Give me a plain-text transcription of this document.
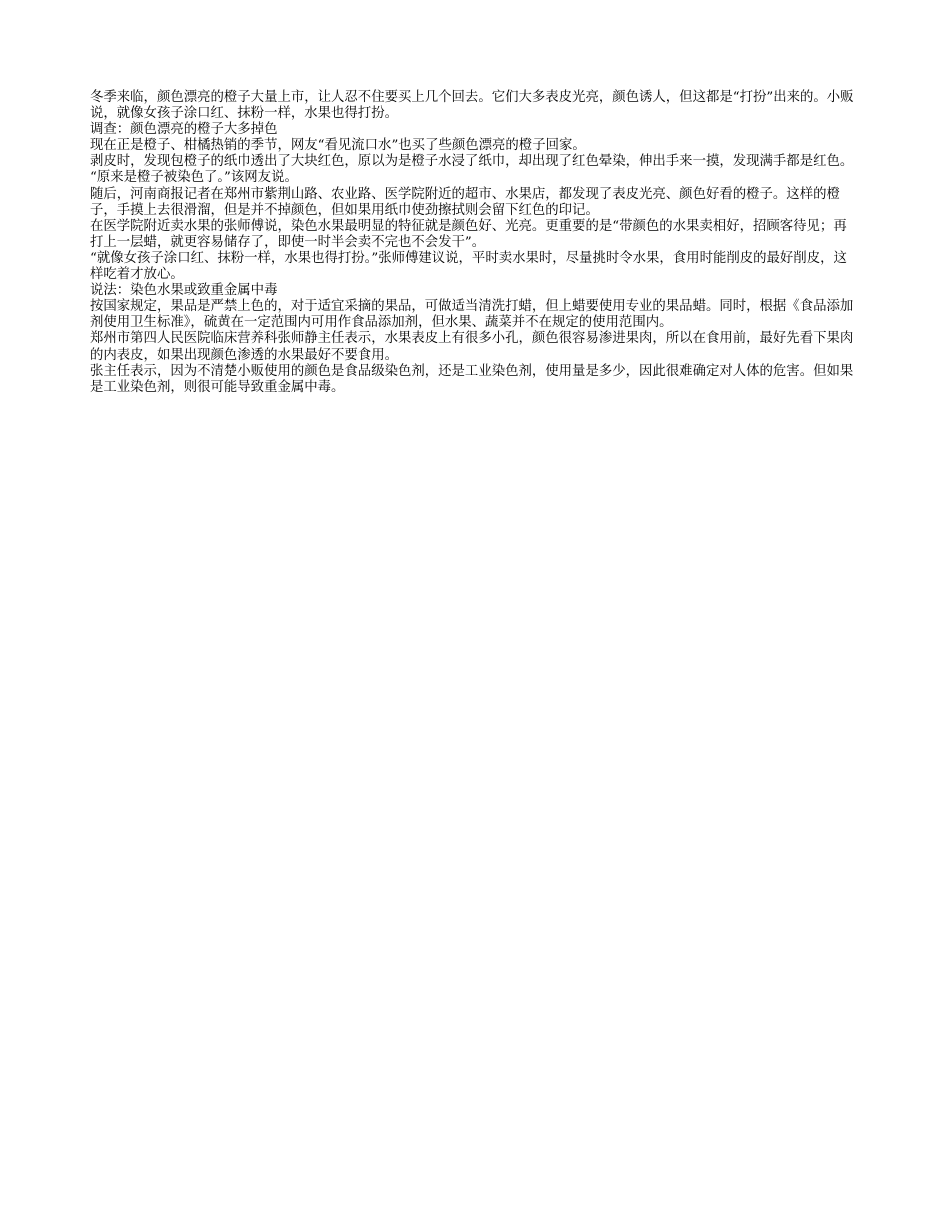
冬季来临，颜色漂亮的橙子大量上市，让人忍不住要买上几个回去。它们大多表皮光亮，颜色诱人，但这都是“打扮”出来的。小贩说，就像女孩子涂口红、抹粉一样，水果也得打扮。

调查：颜色漂亮的橙子大多掉色

现在正是橙子、柑橘热销的季节，网友“看见流口水”也买了些颜色漂亮的橙子回家。

剥皮时，发现包橙子的纸巾透出了大块红色，原以为是橙子水浸了纸巾，却出现了红色晕染，伸出手来一摸，发现满手都是红色。

“原来是橙子被染色了。”该网友说。

随后，河南商报记者在郑州市紫荆山路、农业路、医学院附近的超市、水果店，都发现了表皮光亮、颜色好看的橙子。这样的橙子，手摸上去很滑溜，但是并不掉颜色，但如果用纸巾使劲擦拭则会留下红色的印记。

在医学院附近卖水果的张师傅说，染色水果最明显的特征就是颜色好、光亮。更重要的是“带颜色的水果卖相好，招顾客待见；再打上一层蜡，就更容易储存了，即使一时半会卖不完也不会发干”。

“就像女孩子涂口红、抹粉一样，水果也得打扮。”张师傅建议说，平时卖水果时，尽量挑时令水果，食用时能削皮的最好削皮，这样吃着才放心。

说法：染色水果或致重金属中毒

按国家规定，果品是严禁上色的，对于适宜采摘的果品，可做适当清洗打蜡，但上蜡要使用专业的果品蜡。同时，根据《食品添加剂使用卫生标准》，硫黄在一定范围内可用作食品添加剂，但水果、蔬菜并不在规定的使用范围内。

郑州市第四人民医院临床营养科张师静主任表示，水果表皮上有很多小孔，颜色很容易渗进果肉，所以在食用前，最好先看下果肉的内表皮，如果出现颜色渗透的水果最好不要食用。

张主任表示，因为不清楚小贩使用的颜色是食品级染色剂，还是工业染色剂，使用量是多少，因此很难确定对人体的危害。但如果是工业染色剂，则很可能导致重金属中毒。
